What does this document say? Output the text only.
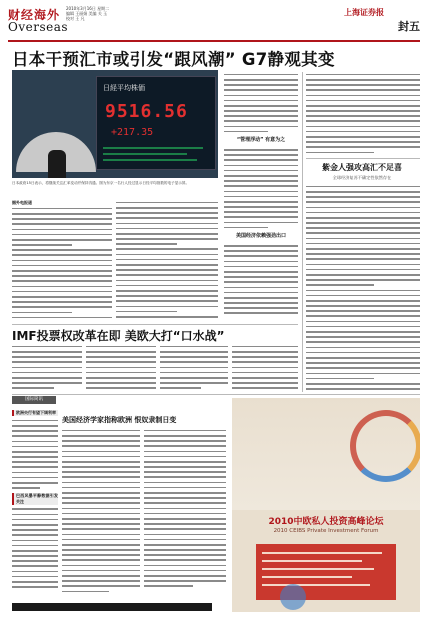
财经海外 2010年3月16日 星期二
编辑 王丽娟 美编 关 玉
校对 王 凡
Overseas
上海证券报
封五
日本干预汇市或引发“跟风潮” G7静观其变
日経平均株価
9516.56
+217.35
日本政府15日表示，将继续关注汇率变动并保持沟通。图为东京一名行人经过显示日经平均指数的电子显示屏。
据外电报道
“管理浮动” 有意为之
美国经济依赖强劲出口
紫金人强攻高汇不足喜
全球经济复苏不确定性依然存在
IMF投票权改革在即 美欧大打“口水战”
国际简讯
欧洲央行有望下调利率
巴西风暴平静数据引发关注
美国经济学家指称欧洲 恨奴隶制日变
2010中欧私人投资高峰论坛
2010 CEIBS Private Investment Forum
